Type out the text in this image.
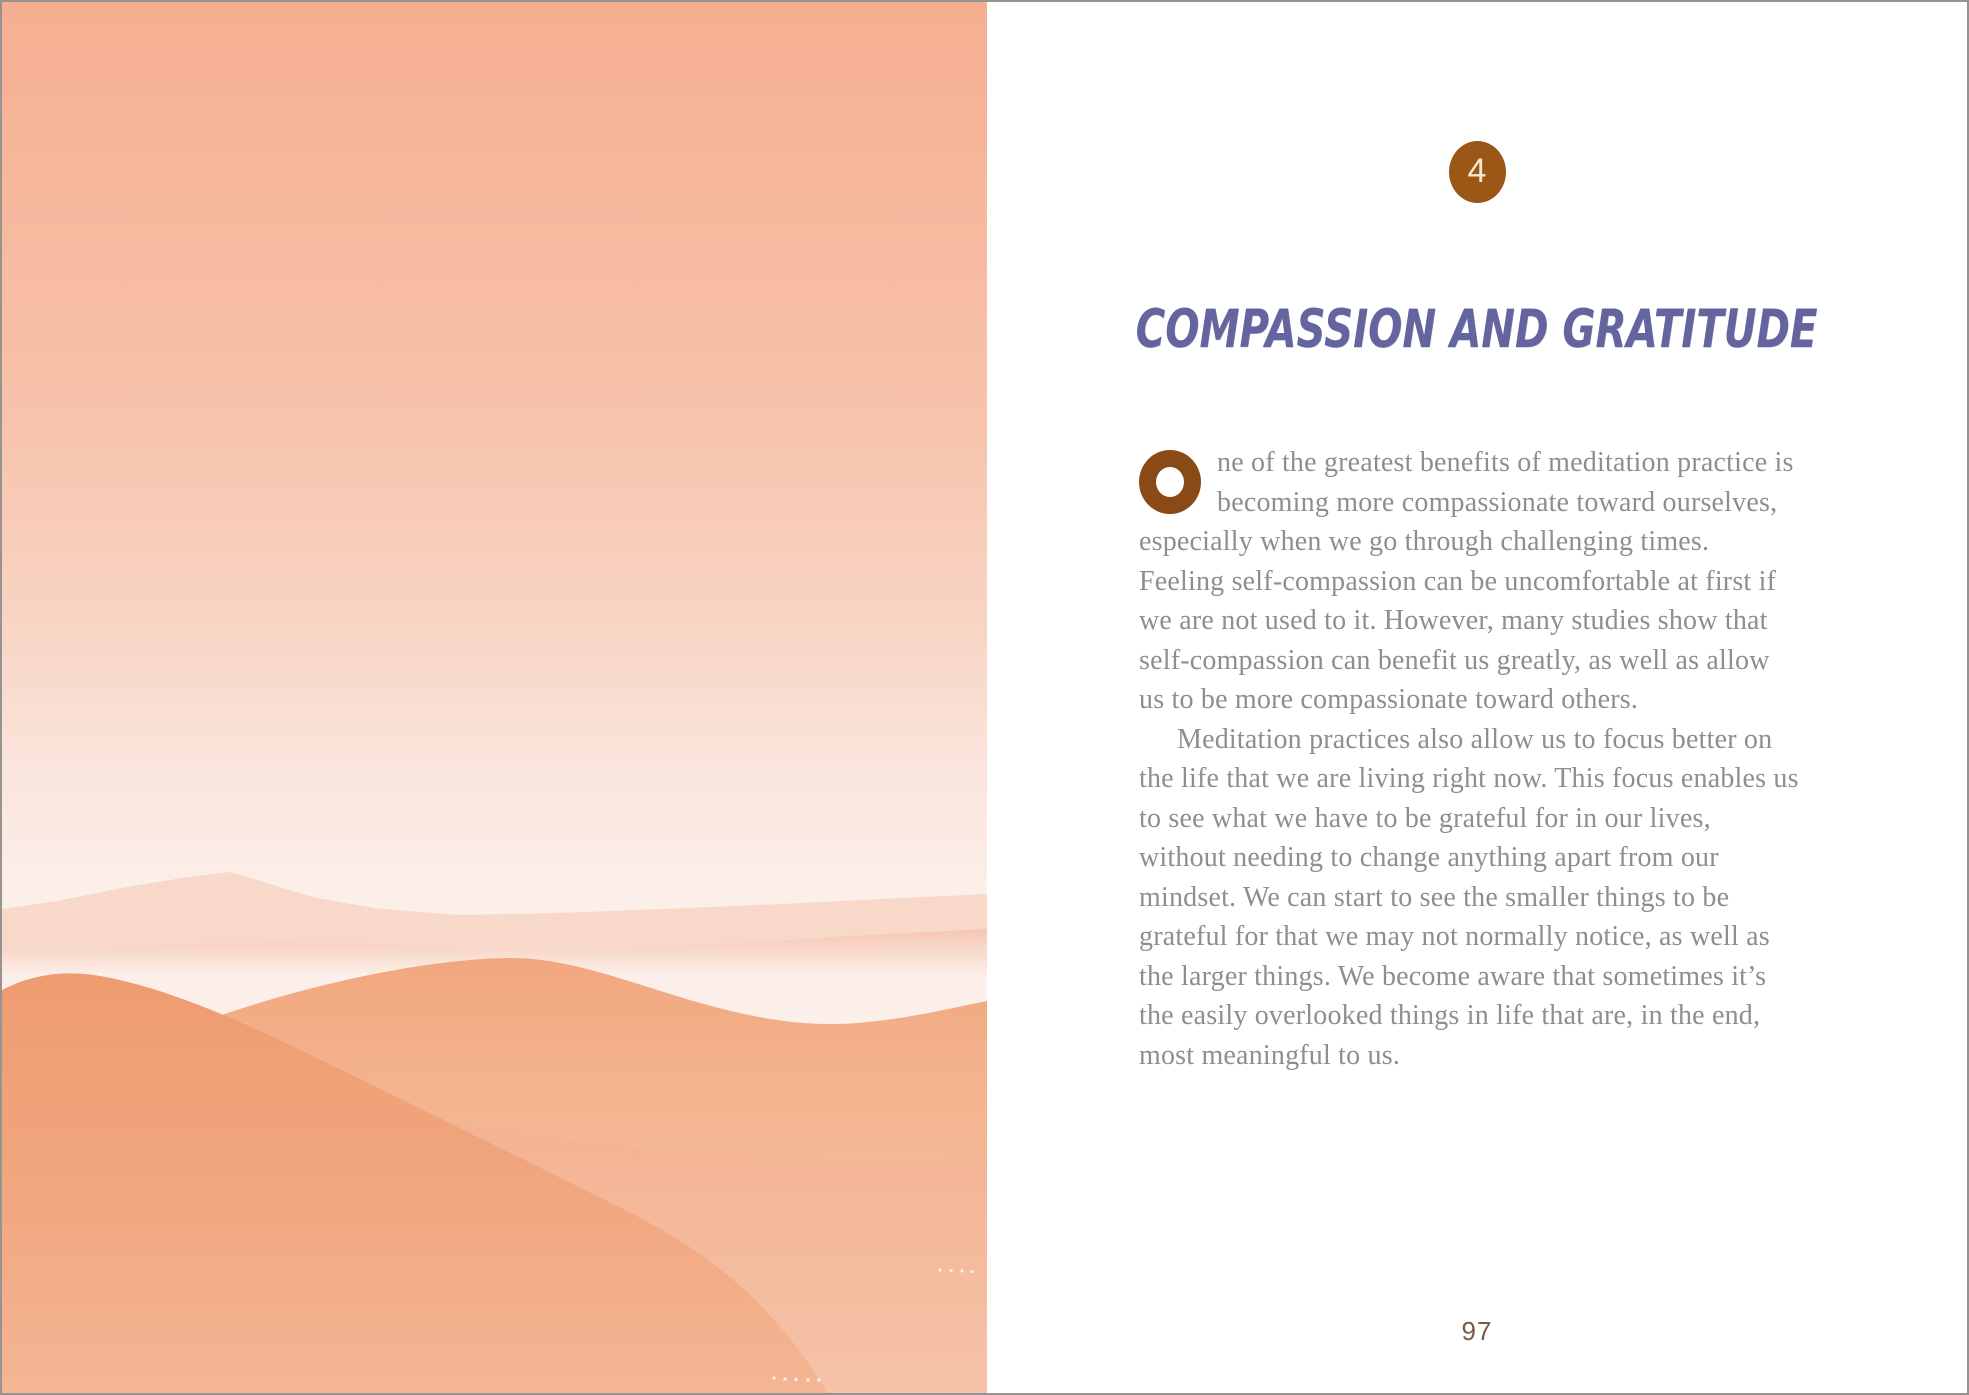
4
COMPASSION AND GRATITUDE

ne of the greatest benefits of meditation practice is becoming more compassionate toward ourselves, especially when we go through challenging times. Feeling self-compassion can be uncomfortable at first if we are not used to it. However, many studies show that self-compassion can benefit us greatly, as well as allow us to be more compassionate toward others.

Meditation practices also allow us to focus better on the life that we are living right now. This focus enables us to see what we have to be grateful for in our lives, without needing to change anything apart from our mindset. We can start to see the smaller things to be grateful for that we may not normally notice, as well as the larger things. We become aware that sometimes it’s the easily overlooked things in life that are, in the end, most meaningful to us.

97
